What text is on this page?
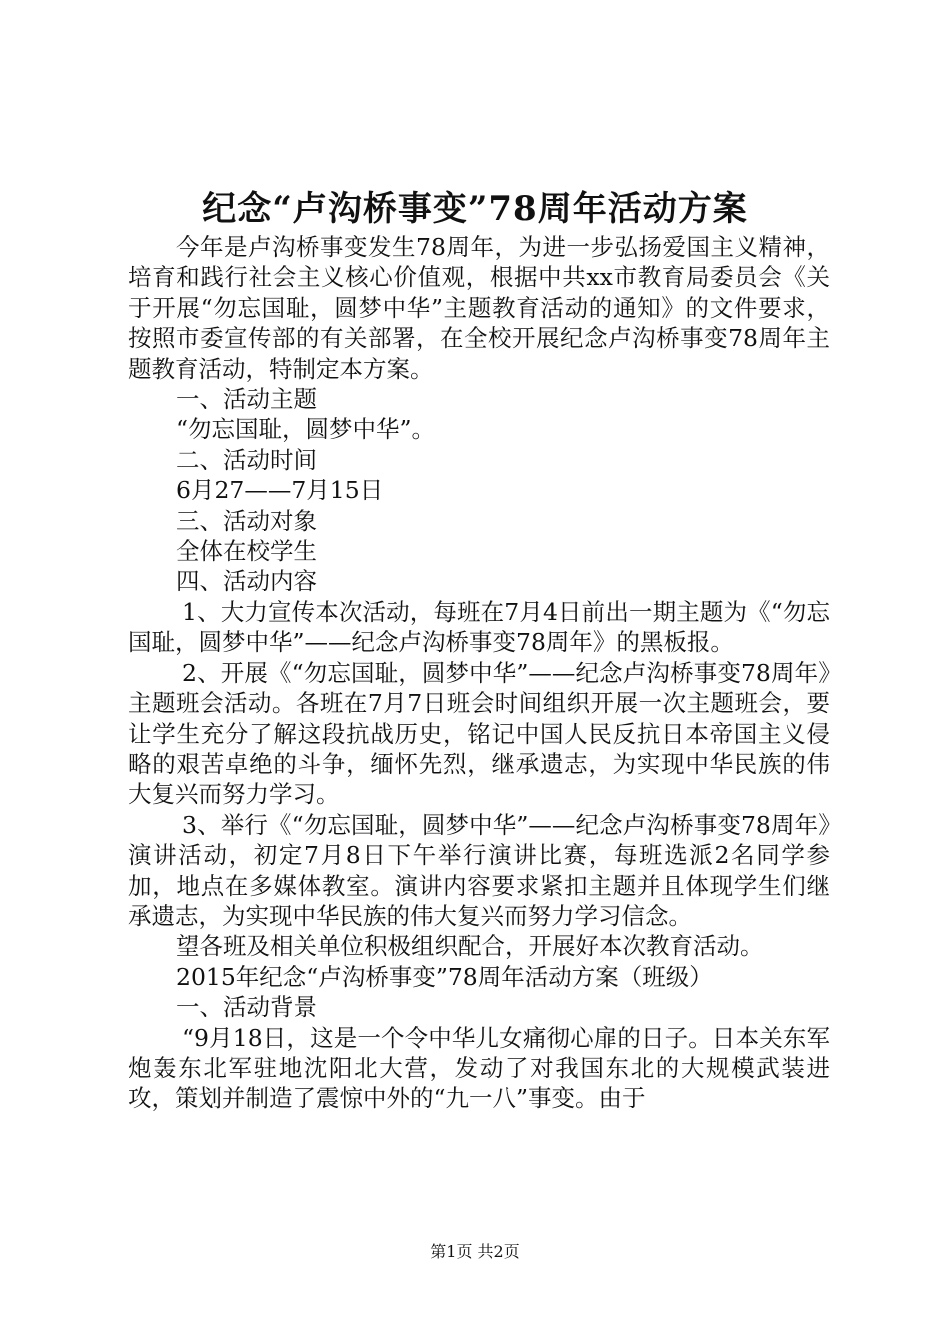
纪念“卢沟桥事变”78周年活动方案

今年是卢沟桥事变发生78周年，为进一步弘扬爱国主义精神，培育和践行社会主义核心价值观，根据中共xx市教育局委员会《关于开展“勿忘国耻，圆梦中华”主题教育活动的通知》的文件要求，按照市委宣传部的有关部署，在全校开展纪念卢沟桥事变78周年主题教育活动，特制定本方案。

一、活动主题

“勿忘国耻，圆梦中华”。

二、活动时间

6月27——7月15日

三、活动对象

全体在校学生

四、活动内容

1、大力宣传本次活动，每班在7月4日前出一期主题为《“勿忘国耻，圆梦中华”——纪念卢沟桥事变78周年》的黑板报。

2、开展《“勿忘国耻，圆梦中华”——纪念卢沟桥事变78周年》主题班会活动。各班在7月7日班会时间组织开展一次主题班会，要让学生充分了解这段抗战历史，铭记中国人民反抗日本帝国主义侵略的艰苦卓绝的斗争，缅怀先烈，继承遗志，为实现中华民族的伟大复兴而努力学习。

3、举行《“勿忘国耻，圆梦中华”——纪念卢沟桥事变78周年》演讲活动，初定7月8日下午举行演讲比赛，每班选派2名同学参加，地点在多媒体教室。演讲内容要求紧扣主题并且体现学生们继承遗志，为实现中华民族的伟大复兴而努力学习信念。

望各班及相关单位积极组织配合，开展好本次教育活动。

2015年纪念“卢沟桥事变”78周年活动方案（班级）

一、活动背景

“9月18日，这是一个令中华儿女痛彻心扉的日子。日本关东军炮轰东北军驻地沈阳北大营，发动了对我国东北的大规模武装进攻，策划并制造了震惊中外的“九一八”事变。由于

第1页 共2页
